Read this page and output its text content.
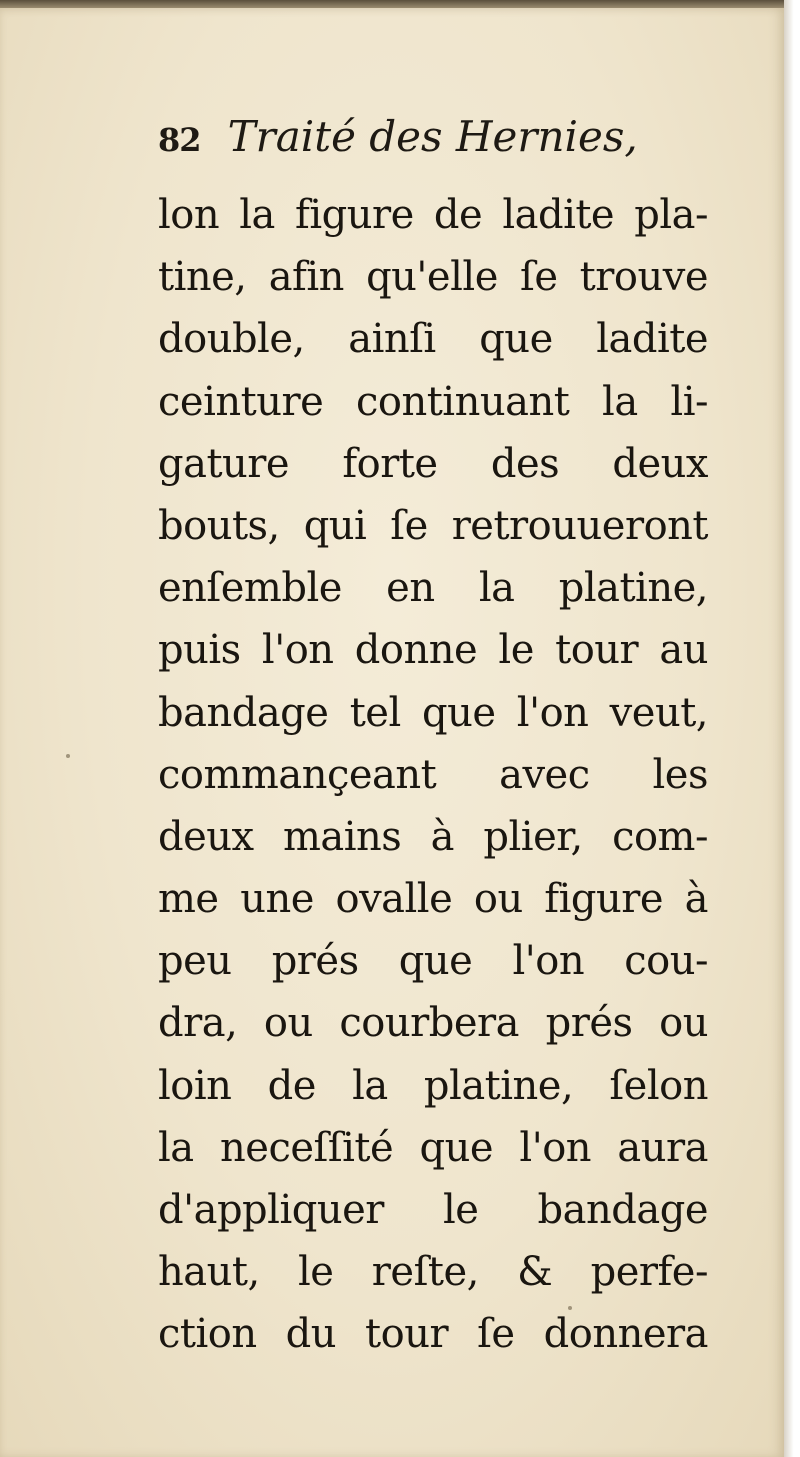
82 Traité des Hernies,
lon la figure de ladite pla-
tine, afin qu'elle ſe trouve
double, ainſi que ladite
ceinture continuant la li-
gature forte des deux
bouts, qui ſe retrouueront
enſemble en la platine,
puis l'on donne le tour au
bandage tel que l'on veut,
commançeant avec les
deux mains à plier, com-
me une ovalle ou figure à
peu prés que l'on cou-
dra, ou courbera prés ou
loin de la platine, ſelon
la neceſſité que l'on aura
d'appliquer le bandage
haut, le reſte, & perfe-
ction du tour ſe donnera
